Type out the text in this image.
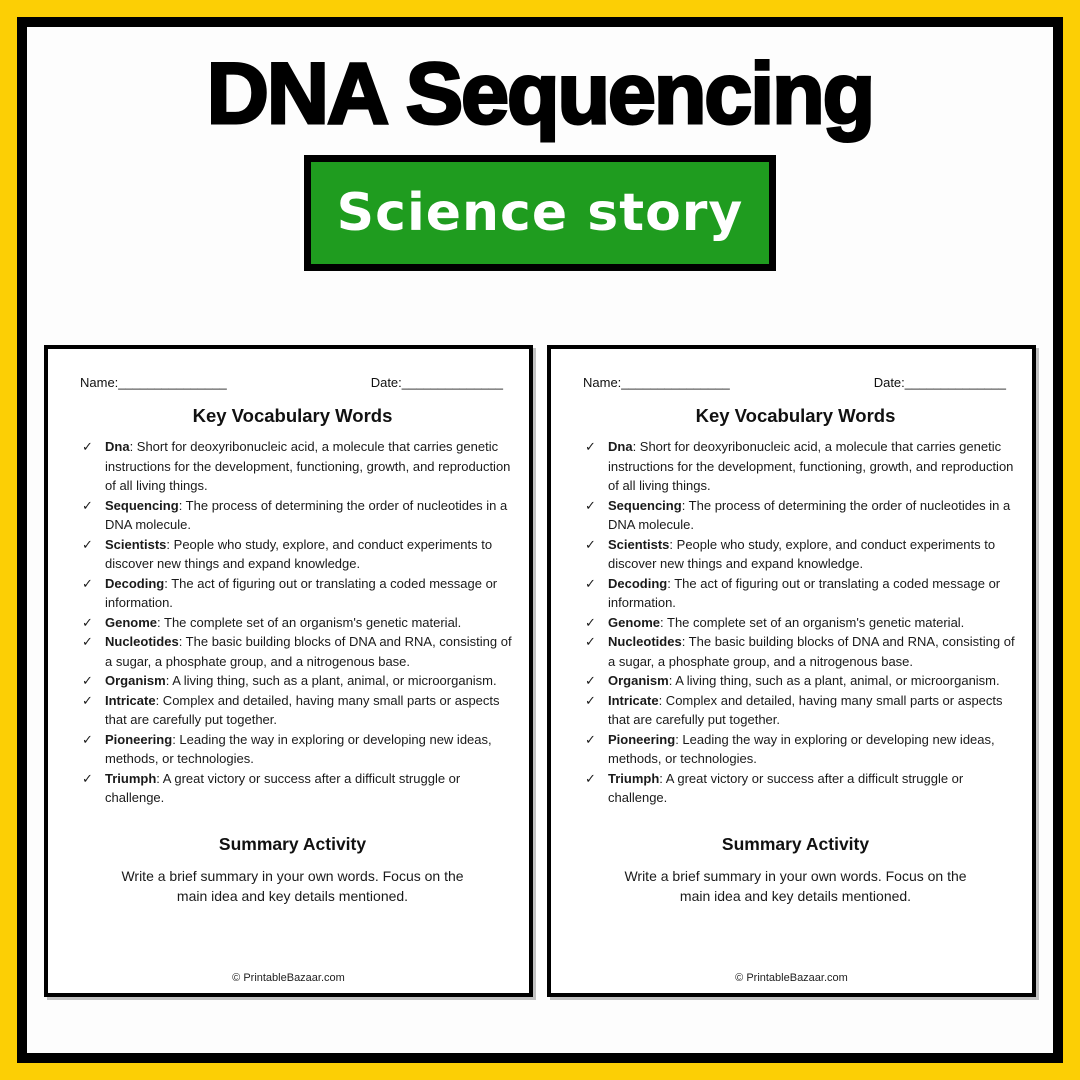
DNA Sequencing
Science story
Name:_______________	Date:______________
Key Vocabulary Words
✓ Dna: Short for deoxyribonucleic acid, a molecule that carries genetic instructions for the development, functioning, growth, and reproduction of all living things.
✓ Sequencing: The process of determining the order of nucleotides in a DNA molecule.
✓ Scientists: People who study, explore, and conduct experiments to discover new things and expand knowledge.
✓ Decoding: The act of figuring out or translating a coded message or information.
✓ Genome: The complete set of an organism's genetic material.
✓ Nucleotides: The basic building blocks of DNA and RNA, consisting of a sugar, a phosphate group, and a nitrogenous base.
✓ Organism: A living thing, such as a plant, animal, or microorganism.
✓ Intricate: Complex and detailed, having many small parts or aspects that are carefully put together.
✓ Pioneering: Leading the way in exploring or developing new ideas, methods, or technologies.
✓ Triumph: A great victory or success after a difficult struggle or challenge.
Summary Activity

Write a brief summary in your own words. Focus on the main idea and key details mentioned.

© PrintableBazaar.com
Name:_______________	Date:______________
Key Vocabulary Words
✓ Dna: Short for deoxyribonucleic acid, a molecule that carries genetic instructions for the development, functioning, growth, and reproduction of all living things.
✓ Sequencing: The process of determining the order of nucleotides in a DNA molecule.
✓ Scientists: People who study, explore, and conduct experiments to discover new things and expand knowledge.
✓ Decoding: The act of figuring out or translating a coded message or information.
✓ Genome: The complete set of an organism's genetic material.
✓ Nucleotides: The basic building blocks of DNA and RNA, consisting of a sugar, a phosphate group, and a nitrogenous base.
✓ Organism: A living thing, such as a plant, animal, or microorganism.
✓ Intricate: Complex and detailed, having many small parts or aspects that are carefully put together.
✓ Pioneering: Leading the way in exploring or developing new ideas, methods, or technologies.
✓ Triumph: A great victory or success after a difficult struggle or challenge.
Summary Activity

Write a brief summary in your own words. Focus on the main idea and key details mentioned.

© PrintableBazaar.com
